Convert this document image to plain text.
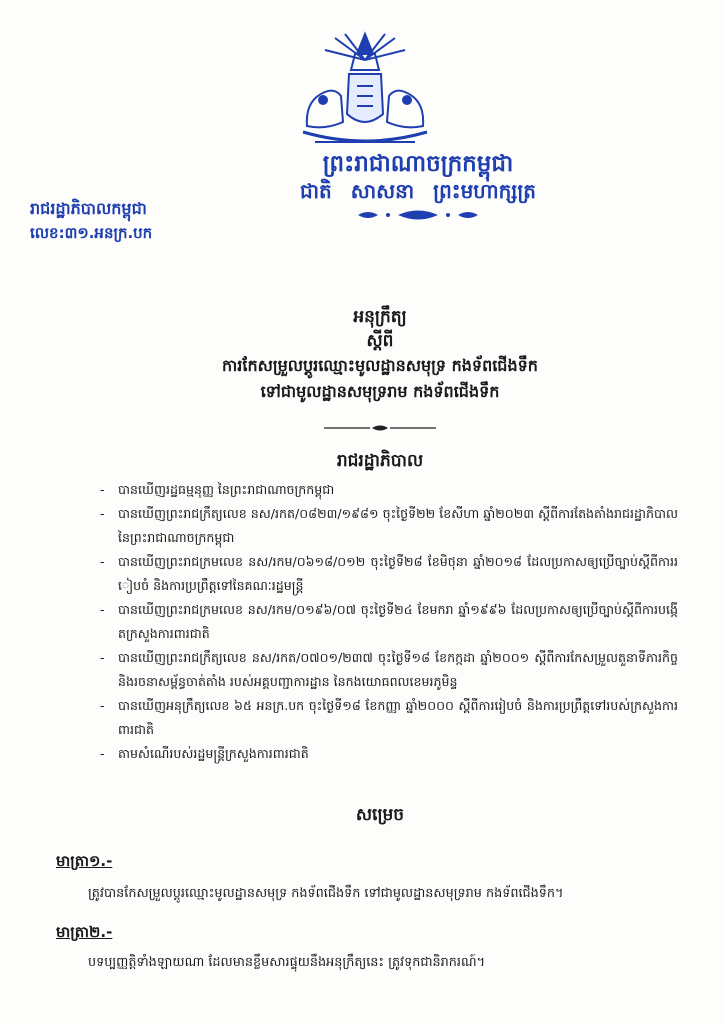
ព្រះរាជាណាចក្រកម្ពុជា
ជាតិ សាសនា ព្រះមហាក្សត្រ
រាជរដ្ឋាភិបាលកម្ពុជា
លេខ:៣១.អនក្រ.បក
អនុក្រឹត្យ
ស្ដីពី
ការកែសម្រួលប្ដូរឈ្មោះមូលដ្ឋានសមុទ្រ កងទ័ពជើងទឹក
ទៅជាមូលដ្ឋានសមុទ្ររាម កងទ័ពជើងទឹក
រាជរដ្ឋាភិបាល
- បានឃើញរដ្ឋធម្មនុញ្ញ នៃព្រះរាជាណាចក្រកម្ពុជា
- បានឃើញព្រះរាជក្រឹត្យលេខ នស/រកត/០៨២៣/១៩៨១ ចុះថ្ងៃទី២២ ខែសីហា ឆ្នាំ២០២៣ ស្ដីពីការតែងតាំងរាជរដ្ឋាភិបាល នៃព្រះរាជាណាចក្រកម្ពុជា
- បានឃើញព្រះរាជក្រមលេខ នស/រកម/០៦១៨/០១២ ចុះថ្ងៃទី២៨ ខែមិថុនា ឆ្នាំ២០១៨ ដែលប្រកាសឲ្យប្រើច្បាប់ស្ដីពីការរៀបចំ និងការប្រព្រឹត្តទៅនៃគណៈរដ្ឋមន្ត្រី
- បានឃើញព្រះរាជក្រមលេខ នស/រកម/០១៩៦/០៧ ចុះថ្ងៃទី២៤ ខែមករា ឆ្នាំ១៩៩៦ ដែលប្រកាសឲ្យប្រើច្បាប់ស្ដីពីការបង្កើតក្រសួងការពារជាតិ
- បានឃើញព្រះរាជក្រឹត្យលេខ នស/រកត/០៧០១/២៣៧ ចុះថ្ងៃទី១៨ ខែកក្កដា ឆ្នាំ២០០១ ស្ដីពីការកែសម្រួលតួនាទីភារកិច្ច និងរចនាសម្ព័ន្ធចាត់តាំង របស់អគ្គបញ្ជាការដ្ឋាន នៃកងយោធពលខេមរភូមិន្ទ
- បានឃើញអនុក្រឹត្យលេខ ៦៥ អនក្រ.បក ចុះថ្ងៃទី១៨ ខែកញ្ញា ឆ្នាំ២០០០ ស្ដីពីការរៀបចំ និងការប្រព្រឹត្តទៅរបស់ក្រសួងការពារជាតិ
- តាមសំណើរបស់រដ្ឋមន្ត្រីក្រសួងការពារជាតិ
សម្រេច
មាត្រា១.-
ត្រូវបានកែសម្រួលប្ដូរឈ្មោះមូលដ្ឋានសមុទ្រ កងទ័ពជើងទឹក ទៅជាមូលដ្ឋានសមុទ្ររាម កងទ័ពជើងទឹក។
មាត្រា២.-
បទប្បញ្ញត្តិទាំងឡាយណា ដែលមានខ្លឹមសារផ្ទុយនឹងអនុក្រឹត្យនេះ ត្រូវទុកជានិរាករណ៍។
